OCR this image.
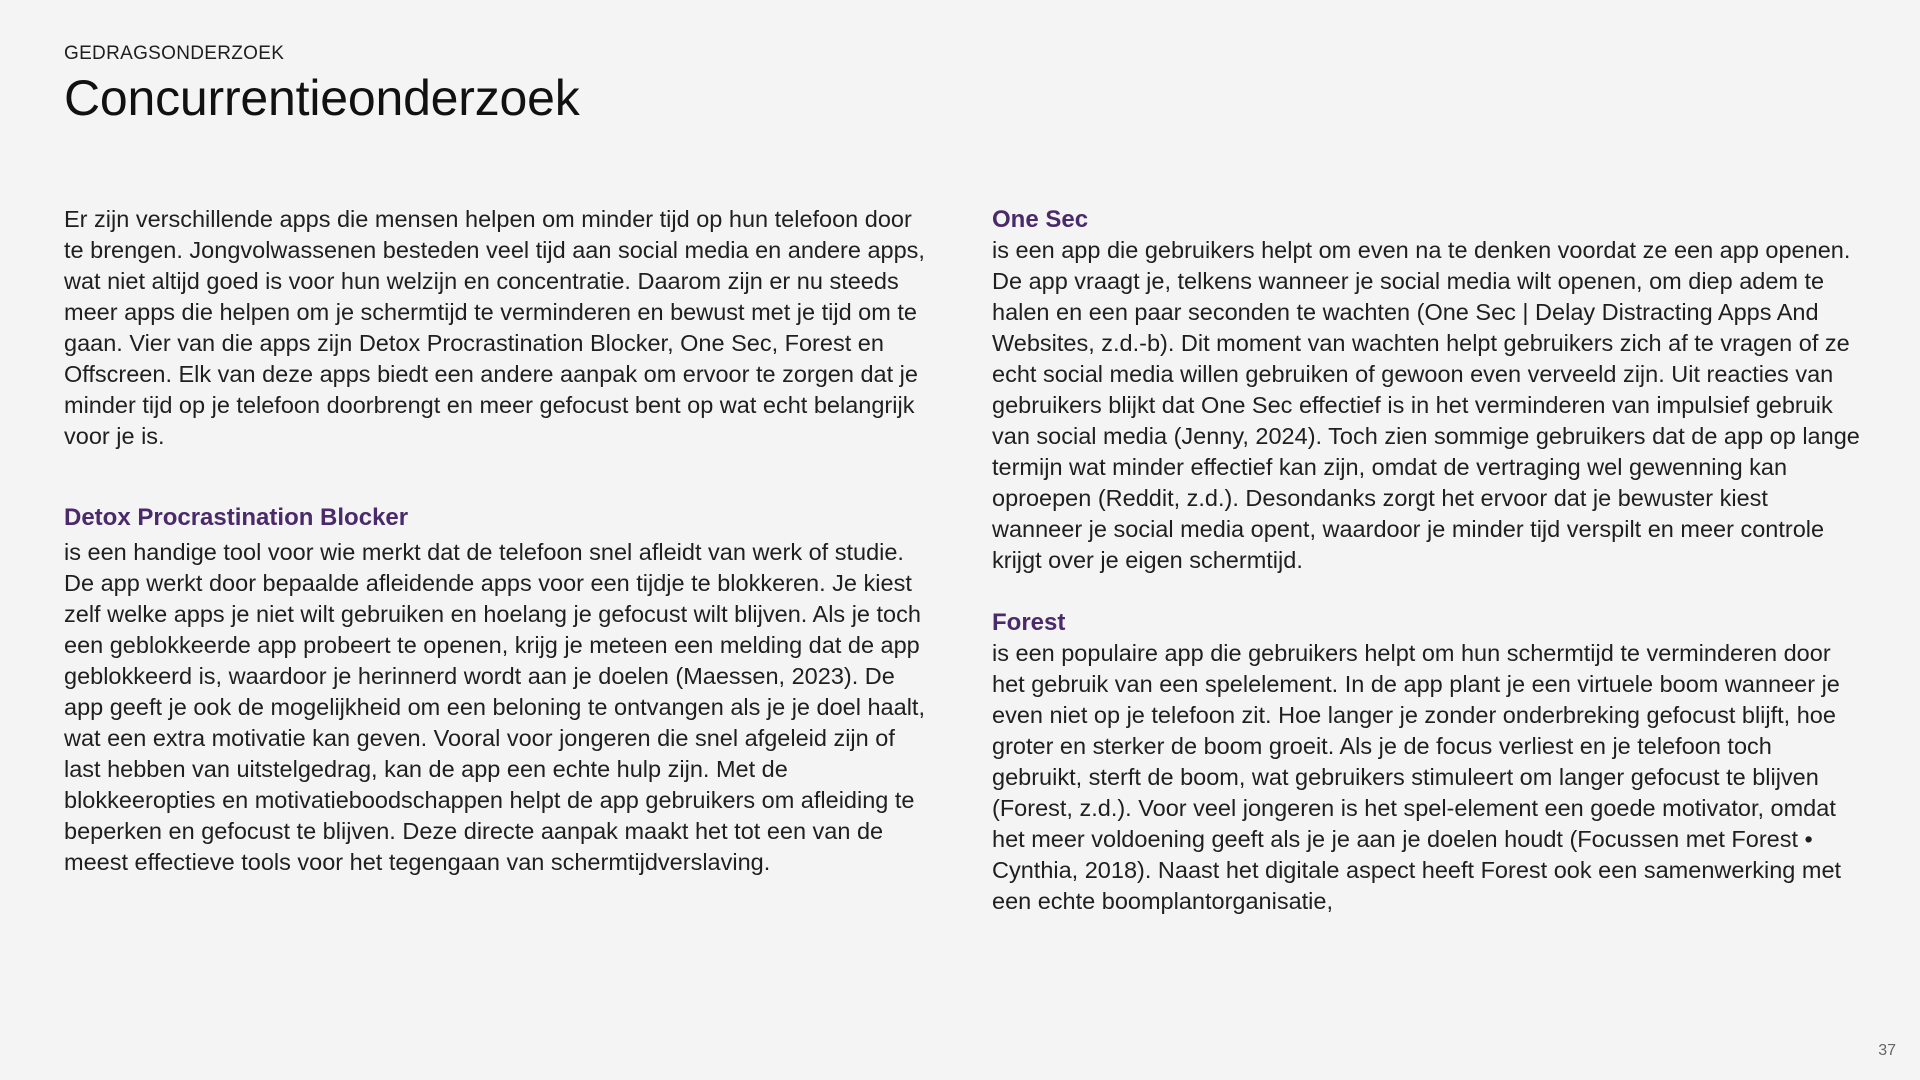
GEDRAGSONDERZOEK
Concurrentieonderzoek

Er zijn verschillende apps die mensen helpen om minder tijd op hun telefoon door te brengen. Jongvolwassenen besteden veel tijd aan social media en andere apps, wat niet altijd goed is voor hun welzijn en concentratie. Daarom zijn er nu steeds meer apps die helpen om je schermtijd te verminderen en bewust met je tijd om te gaan. Vier van die apps zijn Detox Procrastination Blocker, One Sec, Forest en Offscreen. Elk van deze apps biedt een andere aanpak om ervoor te zorgen dat je minder tijd op je telefoon doorbrengt en meer gefocust bent op wat echt belangrijk voor je is.

Detox Procrastination Blocker

is een handige tool voor wie merkt dat de telefoon snel afleidt van werk of studie. De app werkt door bepaalde afleidende apps voor een tijdje te blokkeren. Je kiest zelf welke apps je niet wilt gebruiken en hoelang je gefocust wilt blijven. Als je toch een geblokkeerde app probeert te openen, krijg je meteen een melding dat de app geblokkeerd is, waardoor je herinnerd wordt aan je doelen (Maessen, 2023). De app geeft je ook de mogelijkheid om een beloning te ontvangen als je je doel haalt, wat een extra motivatie kan geven. Vooral voor jongeren die snel afgeleid zijn of last hebben van uitstelgedrag, kan de app een echte hulp zijn. Met de blokkeeropties en motivatieboodschappen helpt de app gebruikers om afleiding te beperken en gefocust te blijven. Deze directe aanpak maakt het tot een van de meest effectieve tools voor het tegengaan van schermtijdverslaving.

One Sec

is een app die gebruikers helpt om even na te denken voordat ze een app openen. De app vraagt je, telkens wanneer je social media wilt openen, om diep adem te halen en een paar seconden te wachten (One Sec | Delay Distracting Apps And Websites, z.d.-b). Dit moment van wachten helpt gebruikers zich af te vragen of ze echt social media willen gebruiken of gewoon even verveeld zijn. Uit reacties van gebruikers blijkt dat One Sec effectief is in het verminderen van impulsief gebruik van social media (Jenny, 2024). Toch zien sommige gebruikers dat de app op lange termijn wat minder effectief kan zijn, omdat de vertraging wel gewenning kan oproepen (Reddit, z.d.). Desondanks zorgt het ervoor dat je bewuster kiest wanneer je social media opent, waardoor je minder tijd verspilt en meer controle krijgt over je eigen schermtijd.

Forest

is een populaire app die gebruikers helpt om hun schermtijd te verminderen door het gebruik van een spelelement. In de app plant je een virtuele boom wanneer je even niet op je telefoon zit. Hoe langer je zonder onderbreking gefocust blijft, hoe groter en sterker de boom groeit. Als je de focus verliest en je telefoon toch gebruikt, sterft de boom, wat gebruikers stimuleert om langer gefocust te blijven (Forest, z.d.). Voor veel jongeren is het spel-element een goede motivator, omdat het meer voldoening geeft als je je aan je doelen houdt (Focussen met Forest • Cynthia, 2018). Naast het digitale aspect heeft Forest ook een samenwerking met een echte boomplantorganisatie,

37
